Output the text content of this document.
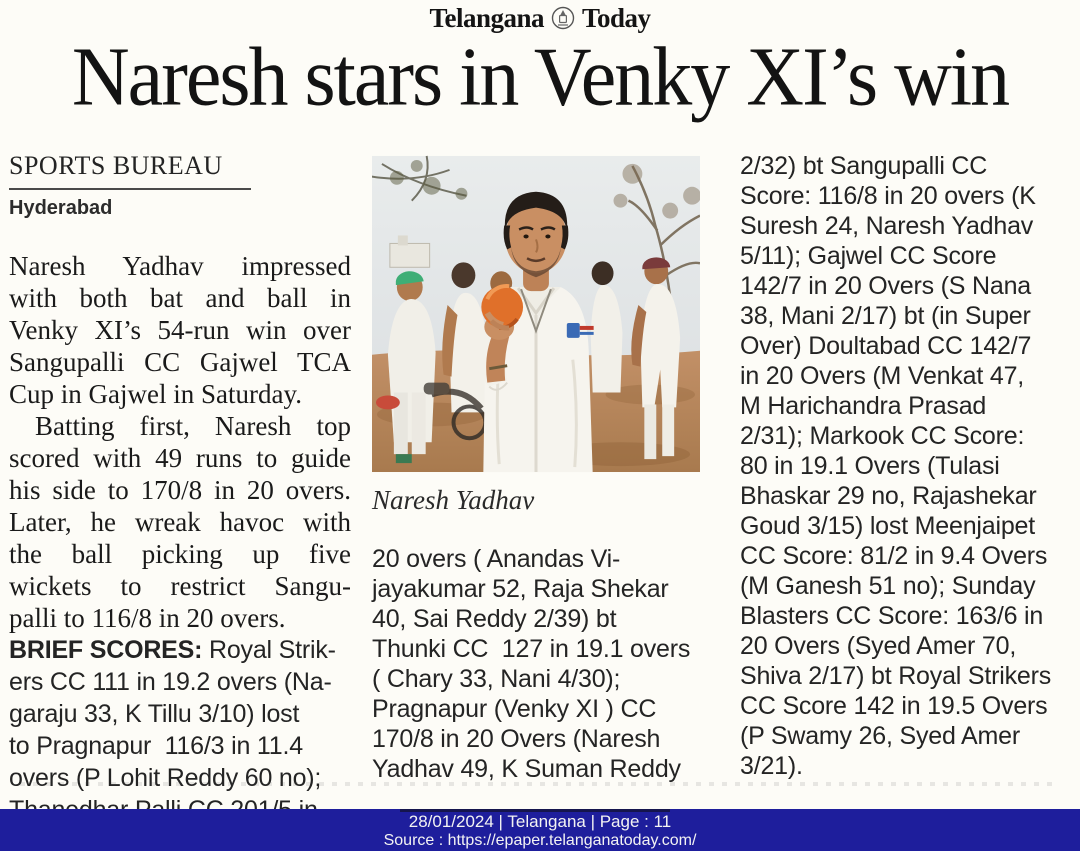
Telangana Today
Naresh stars in Venky XI’s win
SPORTS BUREAU
Hyderabad
Naresh Yadhav impressed
with both bat and ball in
Venky XI’s 54-run win over
Sangupalli CC Gajwel TCA
Cup in Gajwel in Saturday.
Batting first, Naresh top
scored with 49 runs to guide
his side to 170/8 in 20 overs.
Later, he wreak havoc with
the ball picking up five
wickets to restrict Sangu-
palli to 116/8 in 20 overs.
BRIEF SCORES: Royal Strik-
ers CC 111 in 19.2 overs (Na-
garaju 33, K Tillu 3/10) lost
to Pragnapur  116/3 in 11.4
overs (P Lohit Reddy 60 no);
Naresh Yadhav
20 overs ( Anandas Vi-
jayakumar 52, Raja Shekar
40, Sai Reddy 2/39) bt
Thunki CC  127 in 19.1 overs
( Chary 33, Nani 4/30);
Pragnapur (Venky XI ) CC
170/8 in 20 Overs (Naresh
Yadhav 49, K Suman Reddy
2/32) bt Sangupalli CC
Score: 116/8 in 20 overs (K
Suresh 24, Naresh Yadhav
5/11); Gajwel CC Score
142/7 in 20 Overs (S Nana
38, Mani 2/17) bt (in Super
Over) Doultabad CC 142/7
in 20 Overs (M Venkat 47,
M Harichandra Prasad
2/31); Markook CC Score:
80 in 19.1 Overs (Tulasi
Bhaskar 29 no, Rajashekar
Goud 3/15) lost Meenjaipet
CC Score: 81/2 in 9.4 Overs
(M Ganesh 51 no); Sunday
Blasters CC Score: 163/6 in
20 Overs (Syed Amer 70,
Shiva 2/17) bt Royal Strikers
CC Score 142 in 19.5 Overs
(P Swamy 26, Syed Amer
3/21).
28/01/2024 | Telangana | Page : 11
Source : https://epaper.telanganatoday.com/
